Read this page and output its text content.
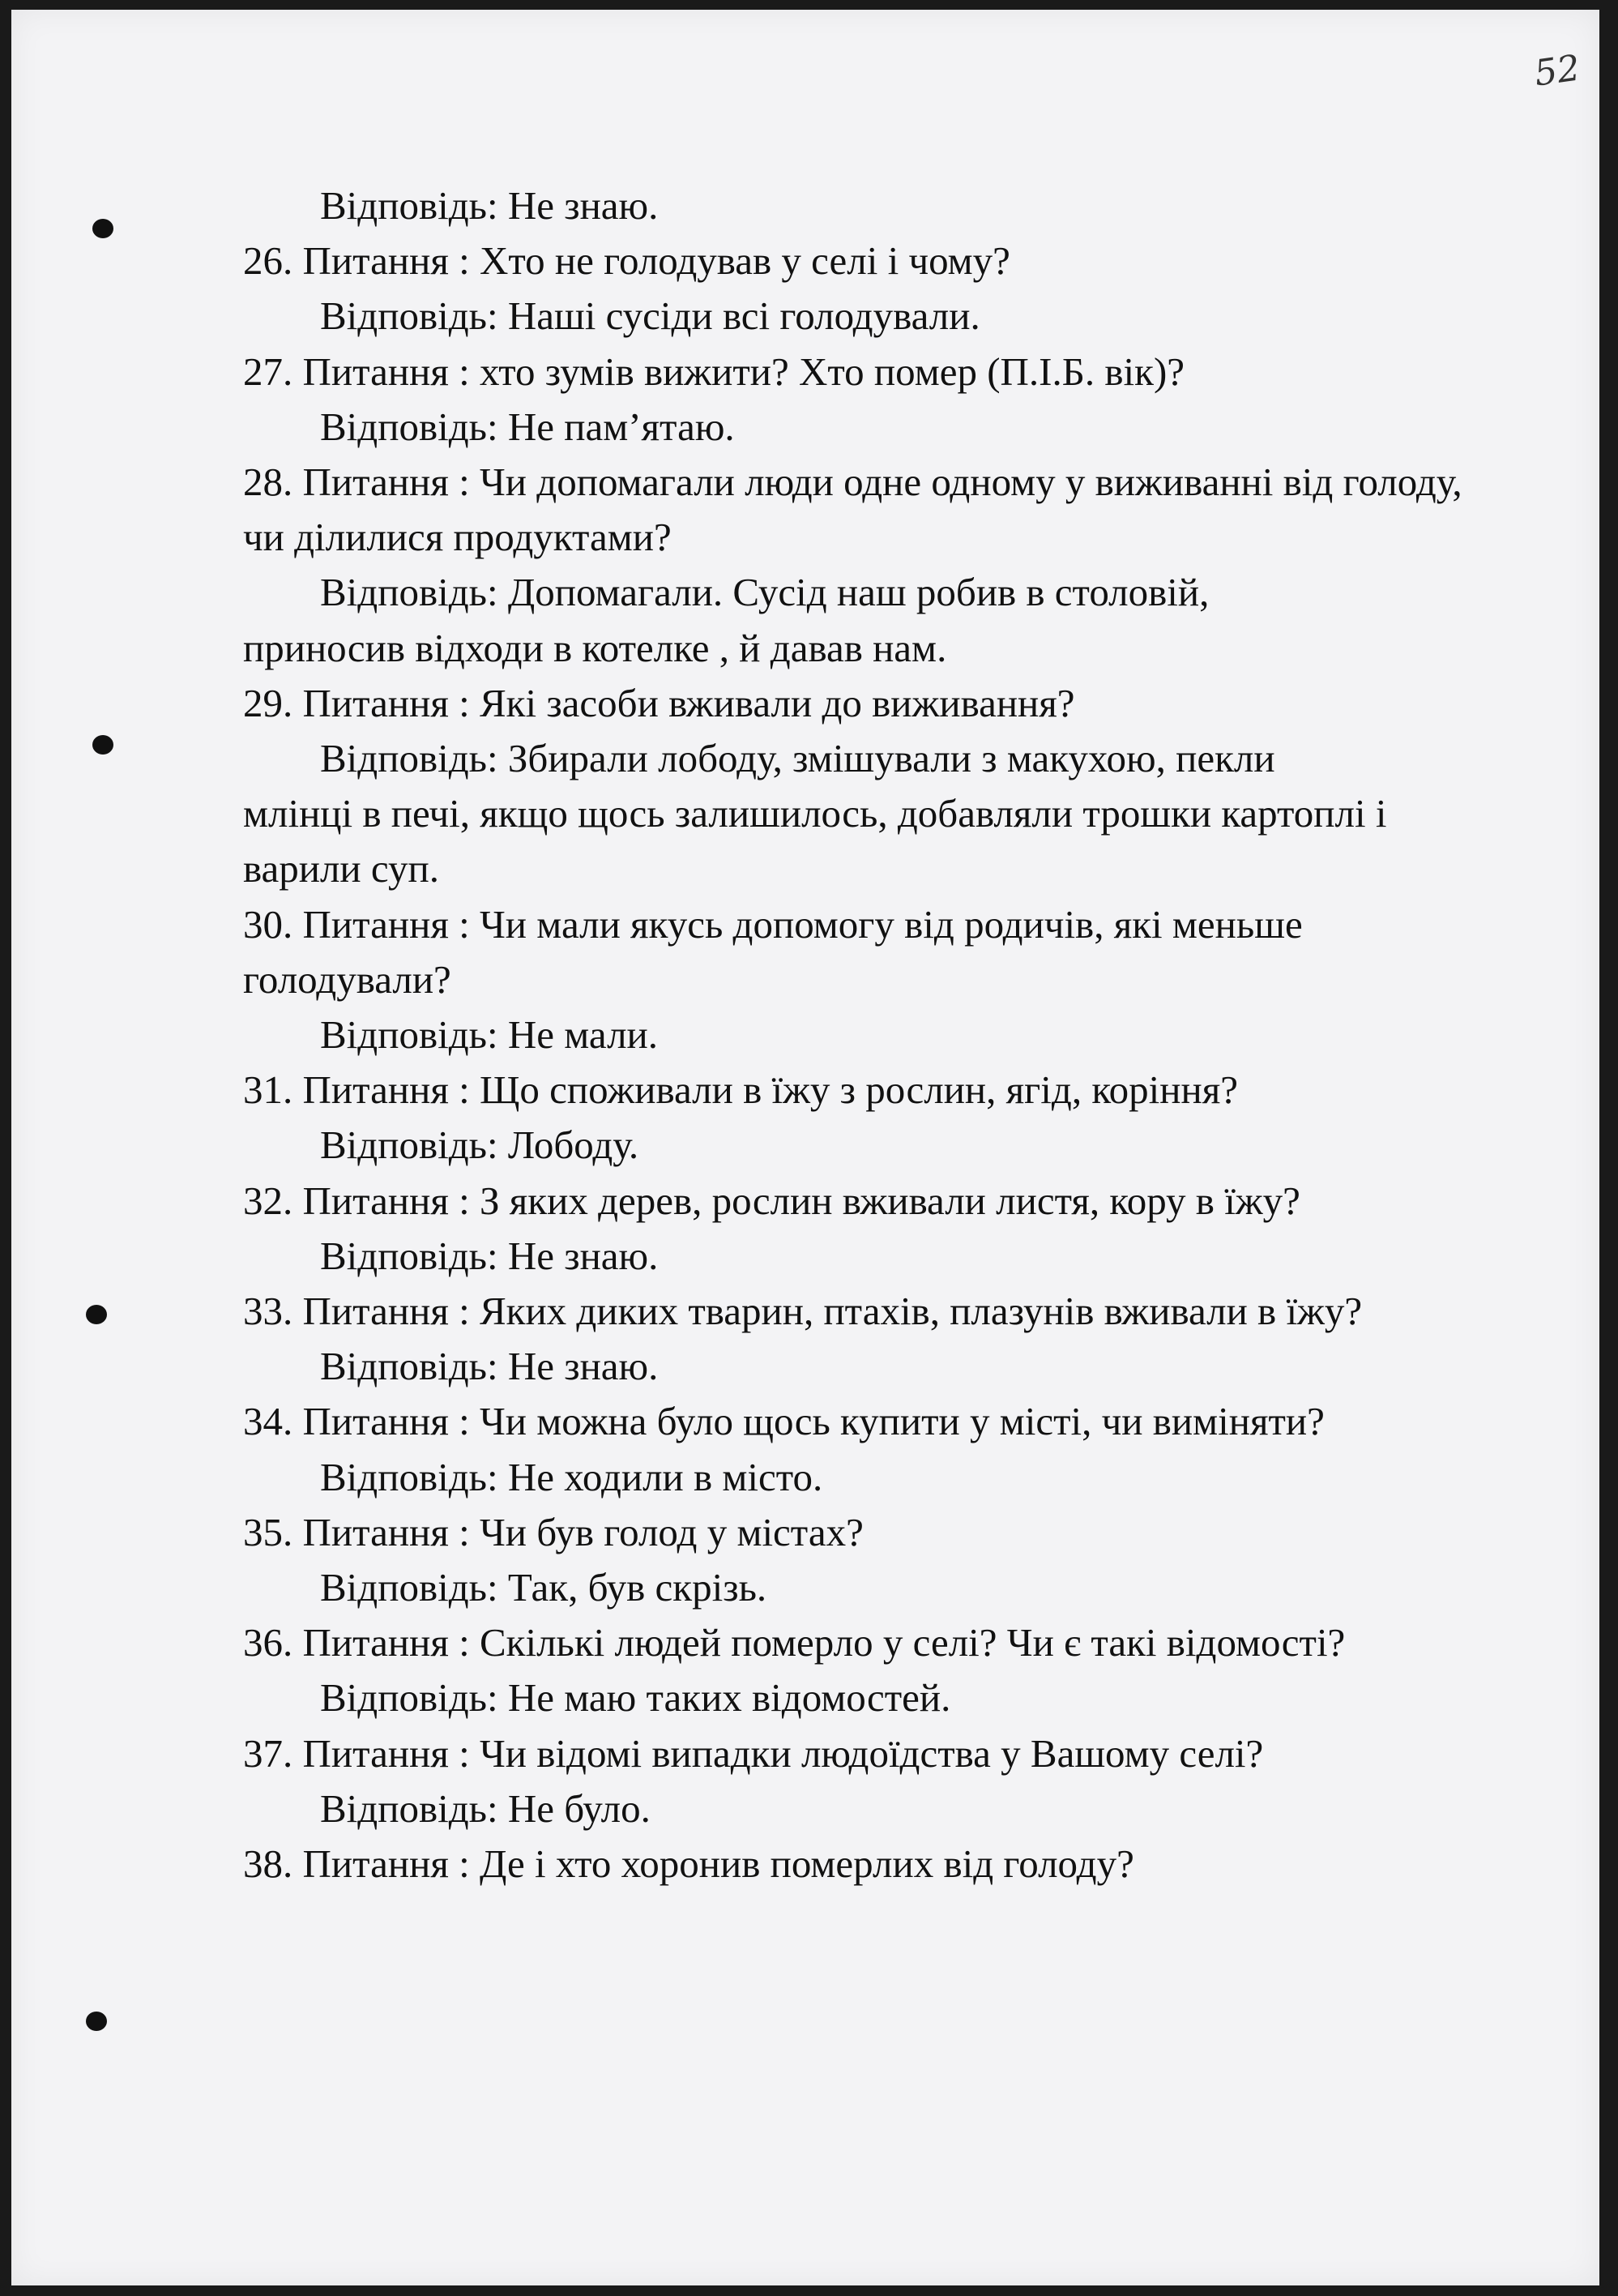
52

Відповідь: Не знаю.

26. Питання : Хто не голодував у селі і чому?

Відповідь: Наші сусіди всі голодували.

27. Питання : хто зумів вижити? Хто помер (П.І.Б. вік)?

Відповідь: Не пам’ятаю.

28. Питання : Чи допомагали люди одне одному у виживанні від голоду, чи ділилися продуктами?

Відповідь: Допомагали. Сусід наш робив в столовій,

приносив відходи в котелке , й давав нам.

29. Питання : Які засоби вживали до виживання?

Відповідь: Збирали лободу, змішували з макухою, пекли

млінці в печі, якщо щось залишилось, добавляли трошки картоплі і варили суп.

30. Питання : Чи мали якусь допомогу від родичів, які меньше голодували?

Відповідь: Не мали.

31. Питання : Що споживали в їжу з рослин, ягід, коріння?

Відповідь: Лободу.

32. Питання : З яких дерев, рослин вживали листя, кору в їжу?

Відповідь: Не знаю.

33. Питання : Яких диких тварин, птахів, плазунів вживали в їжу?

Відповідь: Не знаю.

34. Питання : Чи можна було щось купити у місті, чи виміняти?

Відповідь: Не ходили в місто.

35. Питання : Чи був голод у містах?

Відповідь: Так, був скрізь.

36. Питання : Скількі людей померло у селі? Чи є такі відомості?

Відповідь: Не маю таких відомостей.

37. Питання : Чи відомі випадки людоїдства у Вашому селі?

Відповідь: Не було.

38. Питання : Де і хто хоронив померлих від голоду?
